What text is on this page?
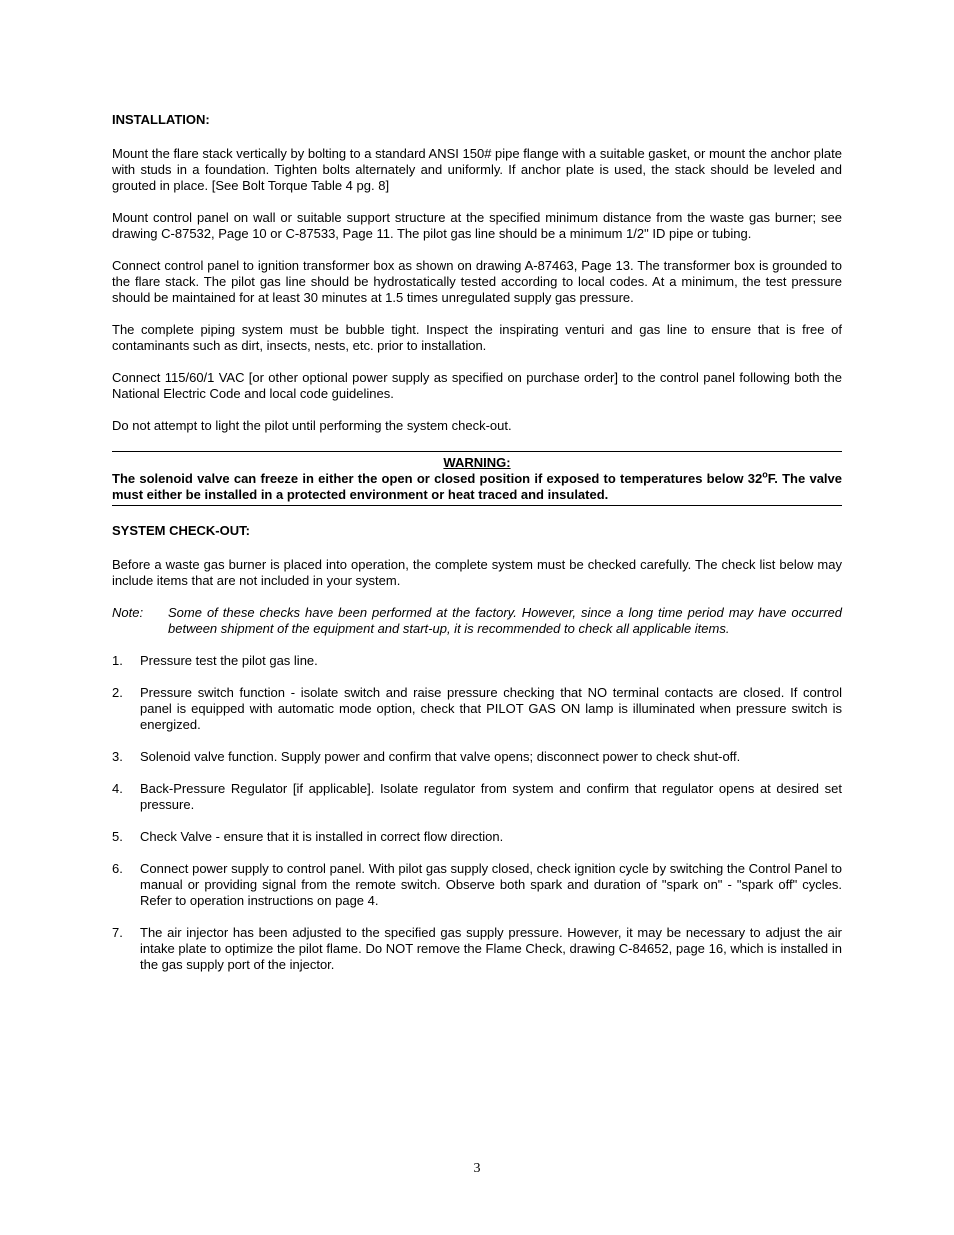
INSTALLATION:
Mount the flare stack vertically by bolting to a standard ANSI 150# pipe flange with a suitable gasket, or mount the anchor plate with studs in a foundation. Tighten bolts alternately and uniformly. If anchor plate is used, the stack should be leveled and grouted in place. [See Bolt Torque Table 4 pg. 8]
Mount control panel on wall or suitable support structure at the specified minimum distance from the waste gas burner; see drawing C-87532, Page 10 or C-87533, Page 11. The pilot gas line should be a minimum 1/2" ID pipe or tubing.
Connect control panel to ignition transformer box as shown on drawing A-87463, Page 13. The transformer box is grounded to the flare stack. The pilot gas line should be hydrostatically tested according to local codes. At a minimum, the test pressure should be maintained for at least 30 minutes at 1.5 times unregulated supply gas pressure.
The complete piping system must be bubble tight. Inspect the inspirating venturi and gas line to ensure that is free of contaminants such as dirt, insects, nests, etc. prior to installation.
Connect 115/60/1 VAC [or other optional power supply as specified on purchase order] to the control panel following both the National Electric Code and local code guidelines.
Do not attempt to light the pilot until performing the system check-out.
WARNING:
The solenoid valve can freeze in either the open or closed position if exposed to temperatures below 32$^o$F. The valve must either be installed in a protected environment or heat traced and insulated.
SYSTEM CHECK-OUT:
Before a waste gas burner is placed into operation, the complete system must be checked carefully. The check list below may include items that are not included in your system.
Note:	Some of these checks have been performed at the factory. However, since a long time period may have occurred between shipment of the equipment and start-up, it is recommended to check all applicable items.
1.	Pressure test the pilot gas line.
2.	Pressure switch function - isolate switch and raise pressure checking that NO terminal contacts are closed. If control panel is equipped with automatic mode option, check that PILOT GAS ON lamp is illuminated when pressure switch is energized.
3.	Solenoid valve function. Supply power and confirm that valve opens; disconnect power to check shut-off.
4.	Back-Pressure Regulator [if applicable]. Isolate regulator from system and confirm that regulator opens at desired set pressure.
5.	Check Valve - ensure that it is installed in correct flow direction.
6.	Connect power supply to control panel. With pilot gas supply closed, check ignition cycle by switching the Control Panel to manual or providing signal from the remote switch. Observe both spark and duration of "spark on" - "spark off" cycles. Refer to operation instructions on page 4.
7.	The air injector has been adjusted to the specified gas supply pressure. However, it may be necessary to adjust the air intake plate to optimize the pilot flame. Do NOT remove the Flame Check, drawing C-84652, page 16, which is installed in the gas supply port of the injector.
3
